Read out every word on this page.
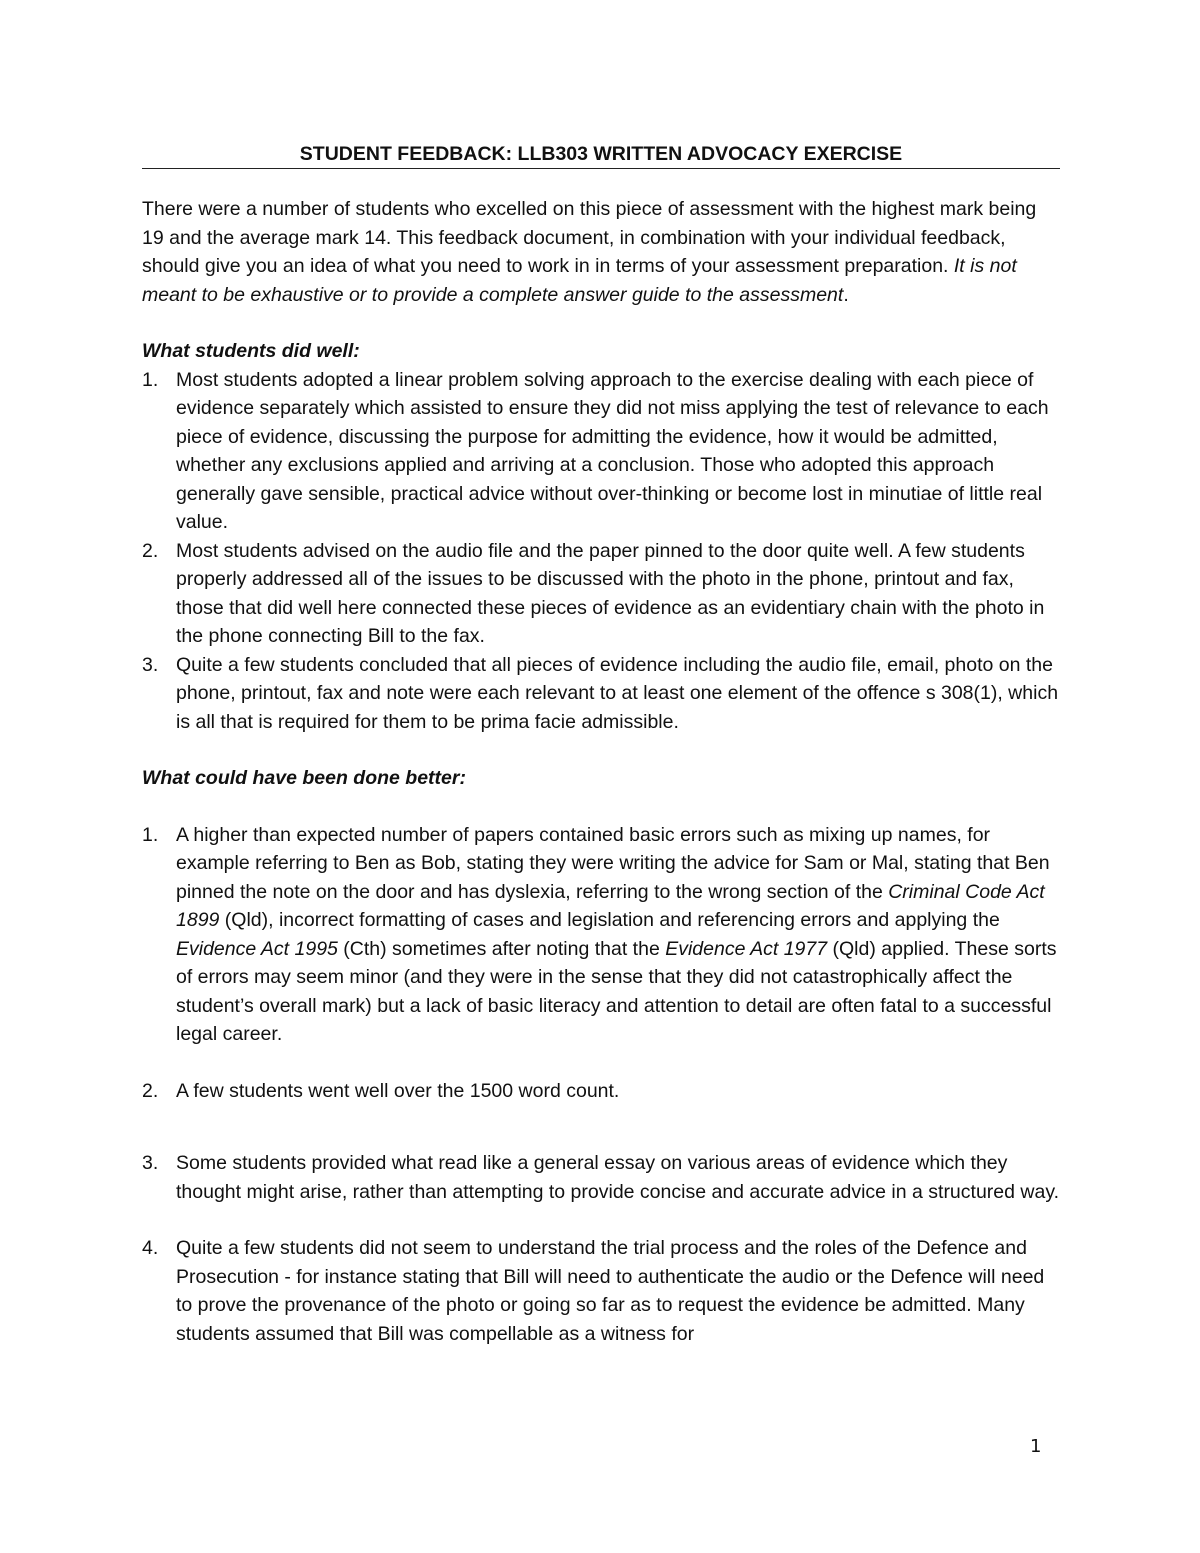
STUDENT FEEDBACK: LLB303 WRITTEN ADVOCACY EXERCISE

There were a number of students who excelled on this piece of assessment with the highest mark being 19 and the average mark 14. This feedback document, in combination with your individual feedback, should give you an idea of what you need to work in in terms of your assessment preparation. It is not meant to be exhaustive or to provide a complete answer guide to the assessment.

What students did well:

1. Most students adopted a linear problem solving approach to the exercise dealing with each piece of evidence separately which assisted to ensure they did not miss applying the test of relevance to each piece of evidence, discussing the purpose for admitting the evidence, how it would be admitted, whether any exclusions applied and arriving at a conclusion. Those who adopted this approach generally gave sensible, practical advice without over-thinking or become lost in minutiae of little real value.
2. Most students advised on the audio file and the paper pinned to the door quite well. A few students properly addressed all of the issues to be discussed with the photo in the phone, printout and fax, those that did well here connected these pieces of evidence as an evidentiary chain with the photo in the phone connecting Bill to the fax.
3. Quite a few students concluded that all pieces of evidence including the audio file, email, photo on the phone, printout, fax and note were each relevant to at least one element of the offence s 308(1), which is all that is required for them to be prima facie admissible.

What could have been done better:

1. A higher than expected number of papers contained basic errors such as mixing up names, for example referring to Ben as Bob, stating they were writing the advice for Sam or Mal, stating that Ben pinned the note on the door and has dyslexia, referring to the wrong section of the Criminal Code Act 1899 (Qld), incorrect formatting of cases and legislation and referencing errors and applying the Evidence Act 1995 (Cth) sometimes after noting that the Evidence Act 1977 (Qld) applied. These sorts of errors may seem minor (and they were in the sense that they did not catastrophically affect the student’s overall mark) but a lack of basic literacy and attention to detail are often fatal to a successful legal career.
2. A few students went well over the 1500 word count.
3. Some students provided what read like a general essay on various areas of evidence which they thought might arise, rather than attempting to provide concise and accurate advice in a structured way.
4. Quite a few students did not seem to understand the trial process and the roles of the Defence and Prosecution - for instance stating that Bill will need to authenticate the audio or the Defence will need to prove the provenance of the photo or going so far as to request the evidence be admitted. Many students assumed that Bill was compellable as a witness for
1
